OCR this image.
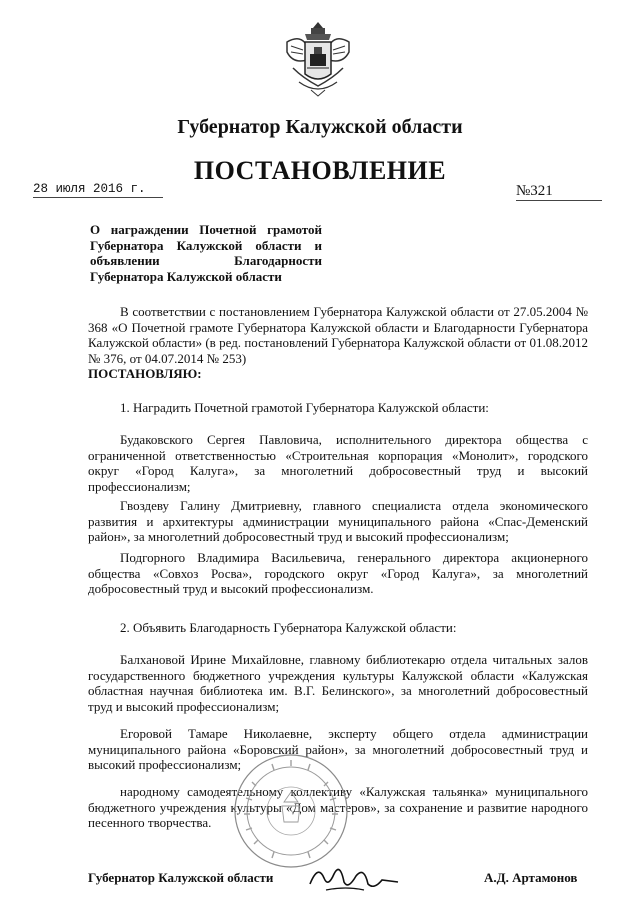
Губернатор Калужской области
ПОСТАНОВЛЕНИЕ
28 июля 2016 г.	№321
О награждении Почетной грамотой Губернатора Калужской области и объявлении Благодарности Губернатора Калужской области
В соответствии с постановлением Губернатора Калужской области от 27.05.2004 № 368 «О Почетной грамоте Губернатора Калужской области и Благодарности Губернатора Калужской области» (в ред. постановлений Губернатора Калужской области от 01.08.2012 № 376, от 04.07.2014 № 253)
ПОСТАНОВЛЯЮ:
1. Наградить Почетной грамотой Губернатора Калужской области:
Будаковского Сергея Павловича, исполнительного директора общества с ограниченной ответственностью «Строительная корпорация «Монолит», городского округ «Город Калуга», за многолетний добросовестный труд и высокий профессионализм;
Гвоздеву Галину Дмитриевну, главного специалиста отдела экономического развития и архитектуры администрации муниципального района «Спас-Деменский район», за многолетний добросовестный труд и высокий профессионализм;
Подгорного Владимира Васильевича, генерального директора акционерного общества «Совхоз Росва», городского округ «Город Калуга», за многолетний добросовестный труд и высокий профессионализм.
2. Объявить Благодарность Губернатора Калужской области:
Балхановой Ирине Михайловне, главному библиотекарю отдела читальных залов государственного бюджетного учреждения культуры Калужской области «Калужская областная научная библиотека им. В.Г. Белинского», за многолетний добросовестный труд и высокий профессионализм;
Егоровой Тамаре Николаевне, эксперту общего отдела администрации муниципального района «Боровский район», за многолетний добросовестный труд и высокий профессионализм;
народному самодеятельному коллективу «Калужская тальянка» муниципального бюджетного учреждения культуры «Дом мастеров», за сохранение и развитие народного песенного творчества.
Губернатор Калужской области	А.Д. Артамонов
